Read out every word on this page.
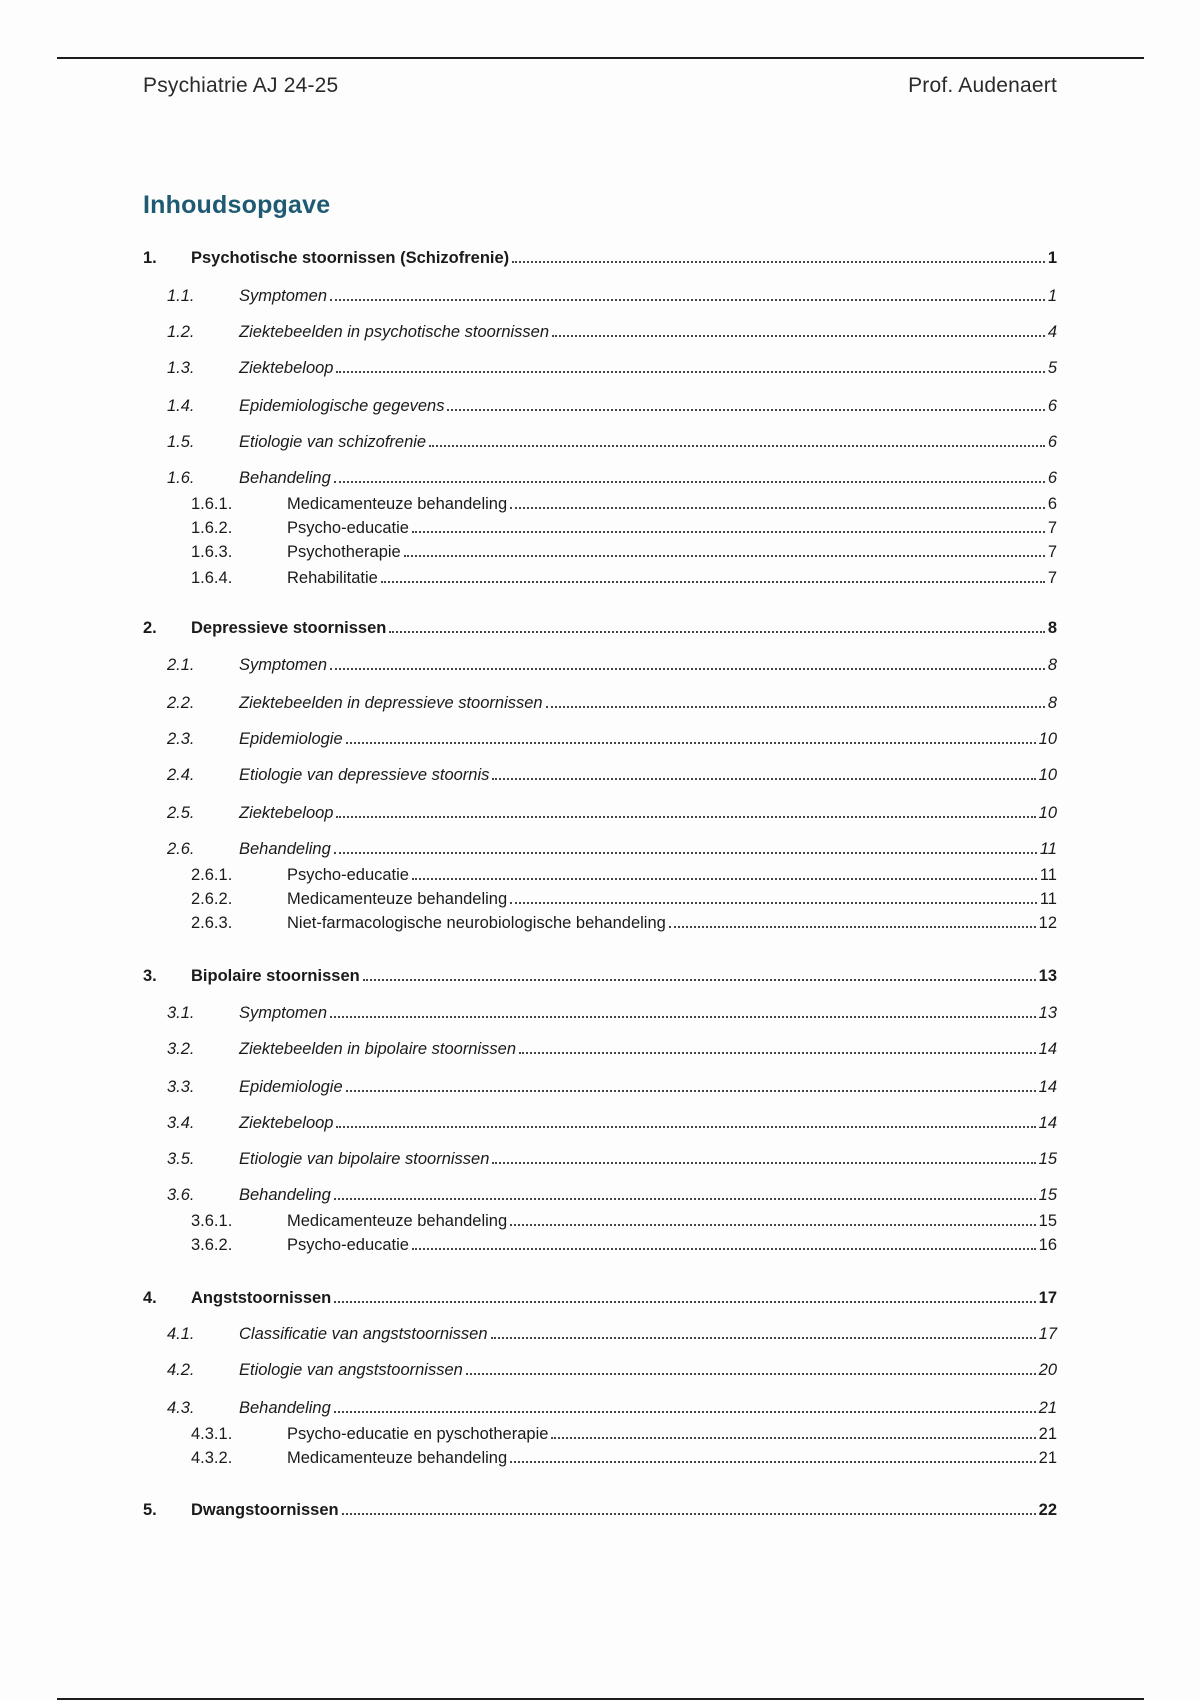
Psychiatrie AJ 24-25	Prof. Audenaert
Inhoudsopgave
1.	Psychotische stoornissen (Schizofrenie)	1
1.1.	Symptomen	1
1.2.	Ziektebeelden in psychotische stoornissen	4
1.3.	Ziektebeloop	5
1.4.	Epidemiologische gegevens	6
1.5.	Etiologie van schizofrenie	6
1.6.	Behandeling	6
1.6.1.	Medicamenteuze behandeling	6
1.6.2.	Psycho-educatie	7
1.6.3.	Psychotherapie	7
1.6.4.	Rehabilitatie	7
2.	Depressieve stoornissen	8
2.1.	Symptomen	8
2.2.	Ziektebeelden in depressieve stoornissen	8
2.3.	Epidemiologie	10
2.4.	Etiologie van depressieve stoornis	10
2.5.	Ziektebeloop	10
2.6.	Behandeling	11
2.6.1.	Psycho-educatie	11
2.6.2.	Medicamenteuze behandeling	11
2.6.3.	Niet-farmacologische neurobiologische behandeling	12
3.	Bipolaire stoornissen	13
3.1.	Symptomen	13
3.2.	Ziektebeelden in bipolaire stoornissen	14
3.3.	Epidemiologie	14
3.4.	Ziektebeloop	14
3.5.	Etiologie van bipolaire stoornissen	15
3.6.	Behandeling	15
3.6.1.	Medicamenteuze behandeling	15
3.6.2.	Psycho-educatie	16
4.	Angststoornissen	17
4.1.	Classificatie van angststoornissen	17
4.2.	Etiologie van angststoornissen	20
4.3.	Behandeling	21
4.3.1.	Psycho-educatie en pyschotherapie	21
4.3.2.	Medicamenteuze behandeling	21
5.	Dwangstoornissen	22
